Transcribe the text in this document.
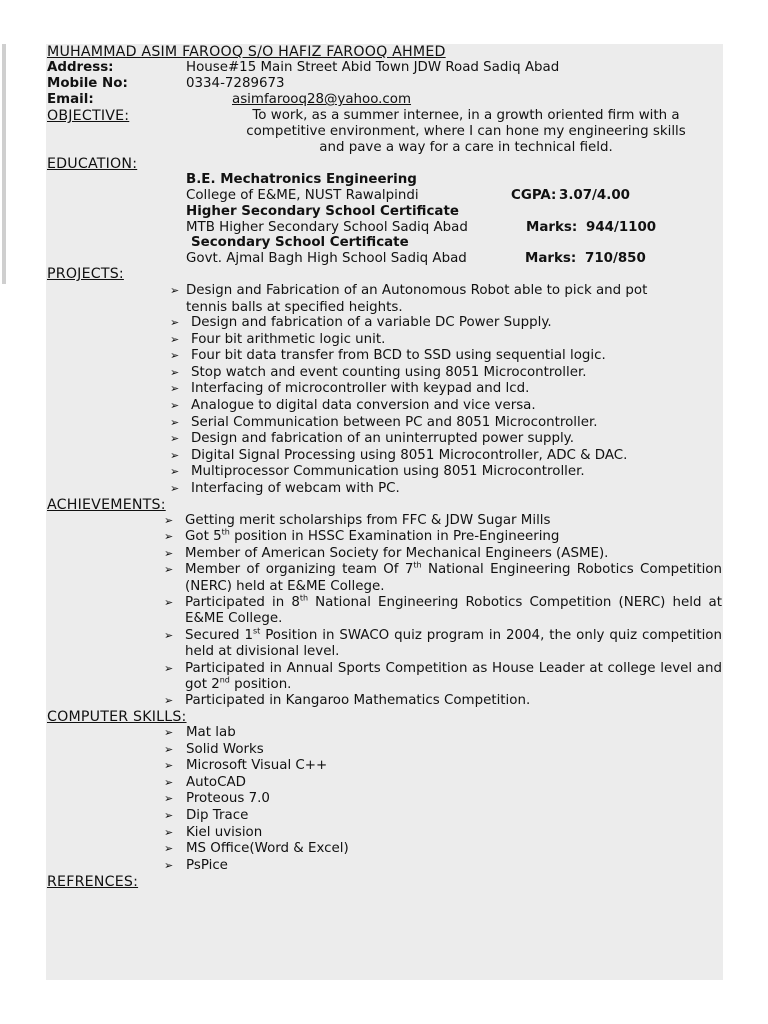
MUHAMMAD ASIM FAROOQ S/O HAFIZ FAROOQ AHMED
Address:	House#15 Main Street Abid Town JDW Road Sadiq Abad
Mobile No:	0334-7289673
Email:	asimfarooq28@yahoo.com
OBJECTIVE:	To work, as a summer internee, in a growth oriented firm with a
competitive environment, where I can hone my engineering skills
and pave a way for a care in technical field.
EDUCATION:
B.E. Mechatronics Engineering
College of E&ME, NUST Rawalpindi	CGPA: 3.07/4.00
Higher Secondary School Certificate
MTB Higher Secondary School Sadiq Abad	Marks: 944/1100
Secondary School Certificate
Govt. Ajmal Bagh High School Sadiq Abad	Marks: 710/850
PROJECTS:
➢ Design and Fabrication of an Autonomous Robot able to pick and pot
tennis balls at specified heights.
➢ Design and fabrication of a variable DC Power Supply.
➢ Four bit arithmetic logic unit.
➢ Four bit data transfer from BCD to SSD using sequential logic.
➢ Stop watch and event counting using 8051 Microcontroller.
➢ Interfacing of microcontroller with keypad and lcd.
➢ Analogue to digital data conversion and vice versa.
➢ Serial Communication between PC and 8051 Microcontroller.
➢ Design and fabrication of an uninterrupted power supply.
➢ Digital Signal Processing using 8051 Microcontroller, ADC & DAC.
➢ Multiprocessor Communication using 8051 Microcontroller.
➢ Interfacing of webcam with PC.
ACHIEVEMENTS:
➢ Getting merit scholarships from FFC & JDW Sugar Mills
➢ Got 5th position in HSSC Examination in Pre-Engineering
➢ Member of American Society for Mechanical Engineers (ASME).
➢ Member of organizing team Of 7th National Engineering Robotics Competition (NERC) held at E&ME College.
➢ Participated in 8th National Engineering Robotics Competition (NERC) held at E&ME College.
➢ Secured 1st Position in SWACO quiz program in 2004, the only quiz competition held at divisional level.
➢ Participated in Annual Sports Competition as House Leader at college level and got 2nd position.
➢ Participated in Kangaroo Mathematics Competition.
COMPUTER SKILLS:
➢ Mat lab
➢ Solid Works
➢ Microsoft Visual C++
➢ AutoCAD
➢ Proteous 7.0
➢ Dip Trace
➢ Kiel uvision
➢ MS Office(Word & Excel)
➢ PsPice
REFRENCES:
